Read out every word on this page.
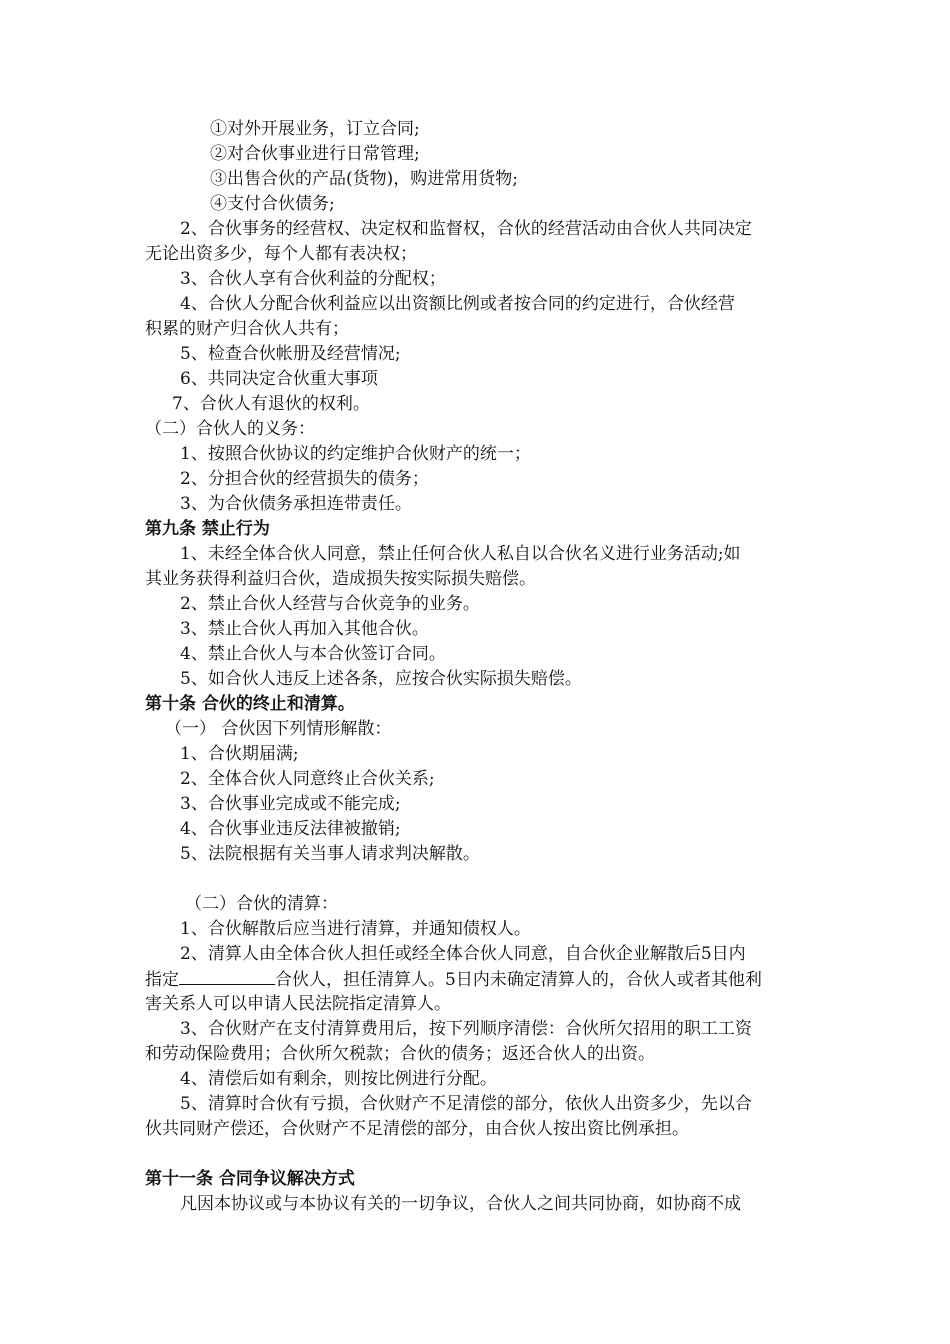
①对外开展业务，订立合同;
②对合伙事业进行日常管理;
③出售合伙的产品(货物)，购进常用货物;
④支付合伙债务;
2、合伙事务的经营权、决定权和监督权，合伙的经营活动由合伙人共同决定
无论出资多少，每个人都有表决权；
3、合伙人享有合伙利益的分配权；
4、合伙人分配合伙利益应以出资额比例或者按合同的约定进行，合伙经营
积累的财产归合伙人共有；
5、检查合伙帐册及经营情况;
6、共同决定合伙重大事项
7、合伙人有退伙的权利。
（二）合伙人的义务：
1、按照合伙协议的约定维护合伙财产的统一；
2、分担合伙的经营损失的债务；
3、为合伙债务承担连带责任。
第九条 禁止行为
1、未经全体合伙人同意，禁止任何合伙人私自以合伙名义进行业务活动;如
其业务获得利益归合伙，造成损失按实际损失赔偿。
2、禁止合伙人经营与合伙竞争的业务。
3、禁止合伙人再加入其他合伙。
4、禁止合伙人与本合伙签订合同。
5、如合伙人违反上述各条，应按合伙实际损失赔偿。
第十条 合伙的终止和清算。
（一） 合伙因下列情形解散：
1、合伙期届满;
2、全体合伙人同意终止合伙关系;
3、合伙事业完成或不能完成;
4、合伙事业违反法律被撤销;
5、法院根据有关当事人请求判决解散。
（二）合伙的清算：
1、合伙解散后应当进行清算，并通知债权人。
2、清算人由全体合伙人担任或经全体合伙人同意，自合伙企业解散后5日内
指定	合伙人，担任清算人。5日内未确定清算人的，合伙人或者其他利
害关系人可以申请人民法院指定清算人。
3、合伙财产在支付清算费用后，按下列顺序清偿：合伙所欠招用的职工工资
和劳动保险费用；合伙所欠税款；合伙的债务；返还合伙人的出资。
4、清偿后如有剩余，则按比例进行分配。
5、清算时合伙有亏损，合伙财产不足清偿的部分，依伙人出资多少，先以合
伙共同财产偿还，合伙财产不足清偿的部分，由合伙人按出资比例承担。
第十一条 合同争议解决方式
凡因本协议或与本协议有关的一切争议，合伙人之间共同协商，如协商不成
